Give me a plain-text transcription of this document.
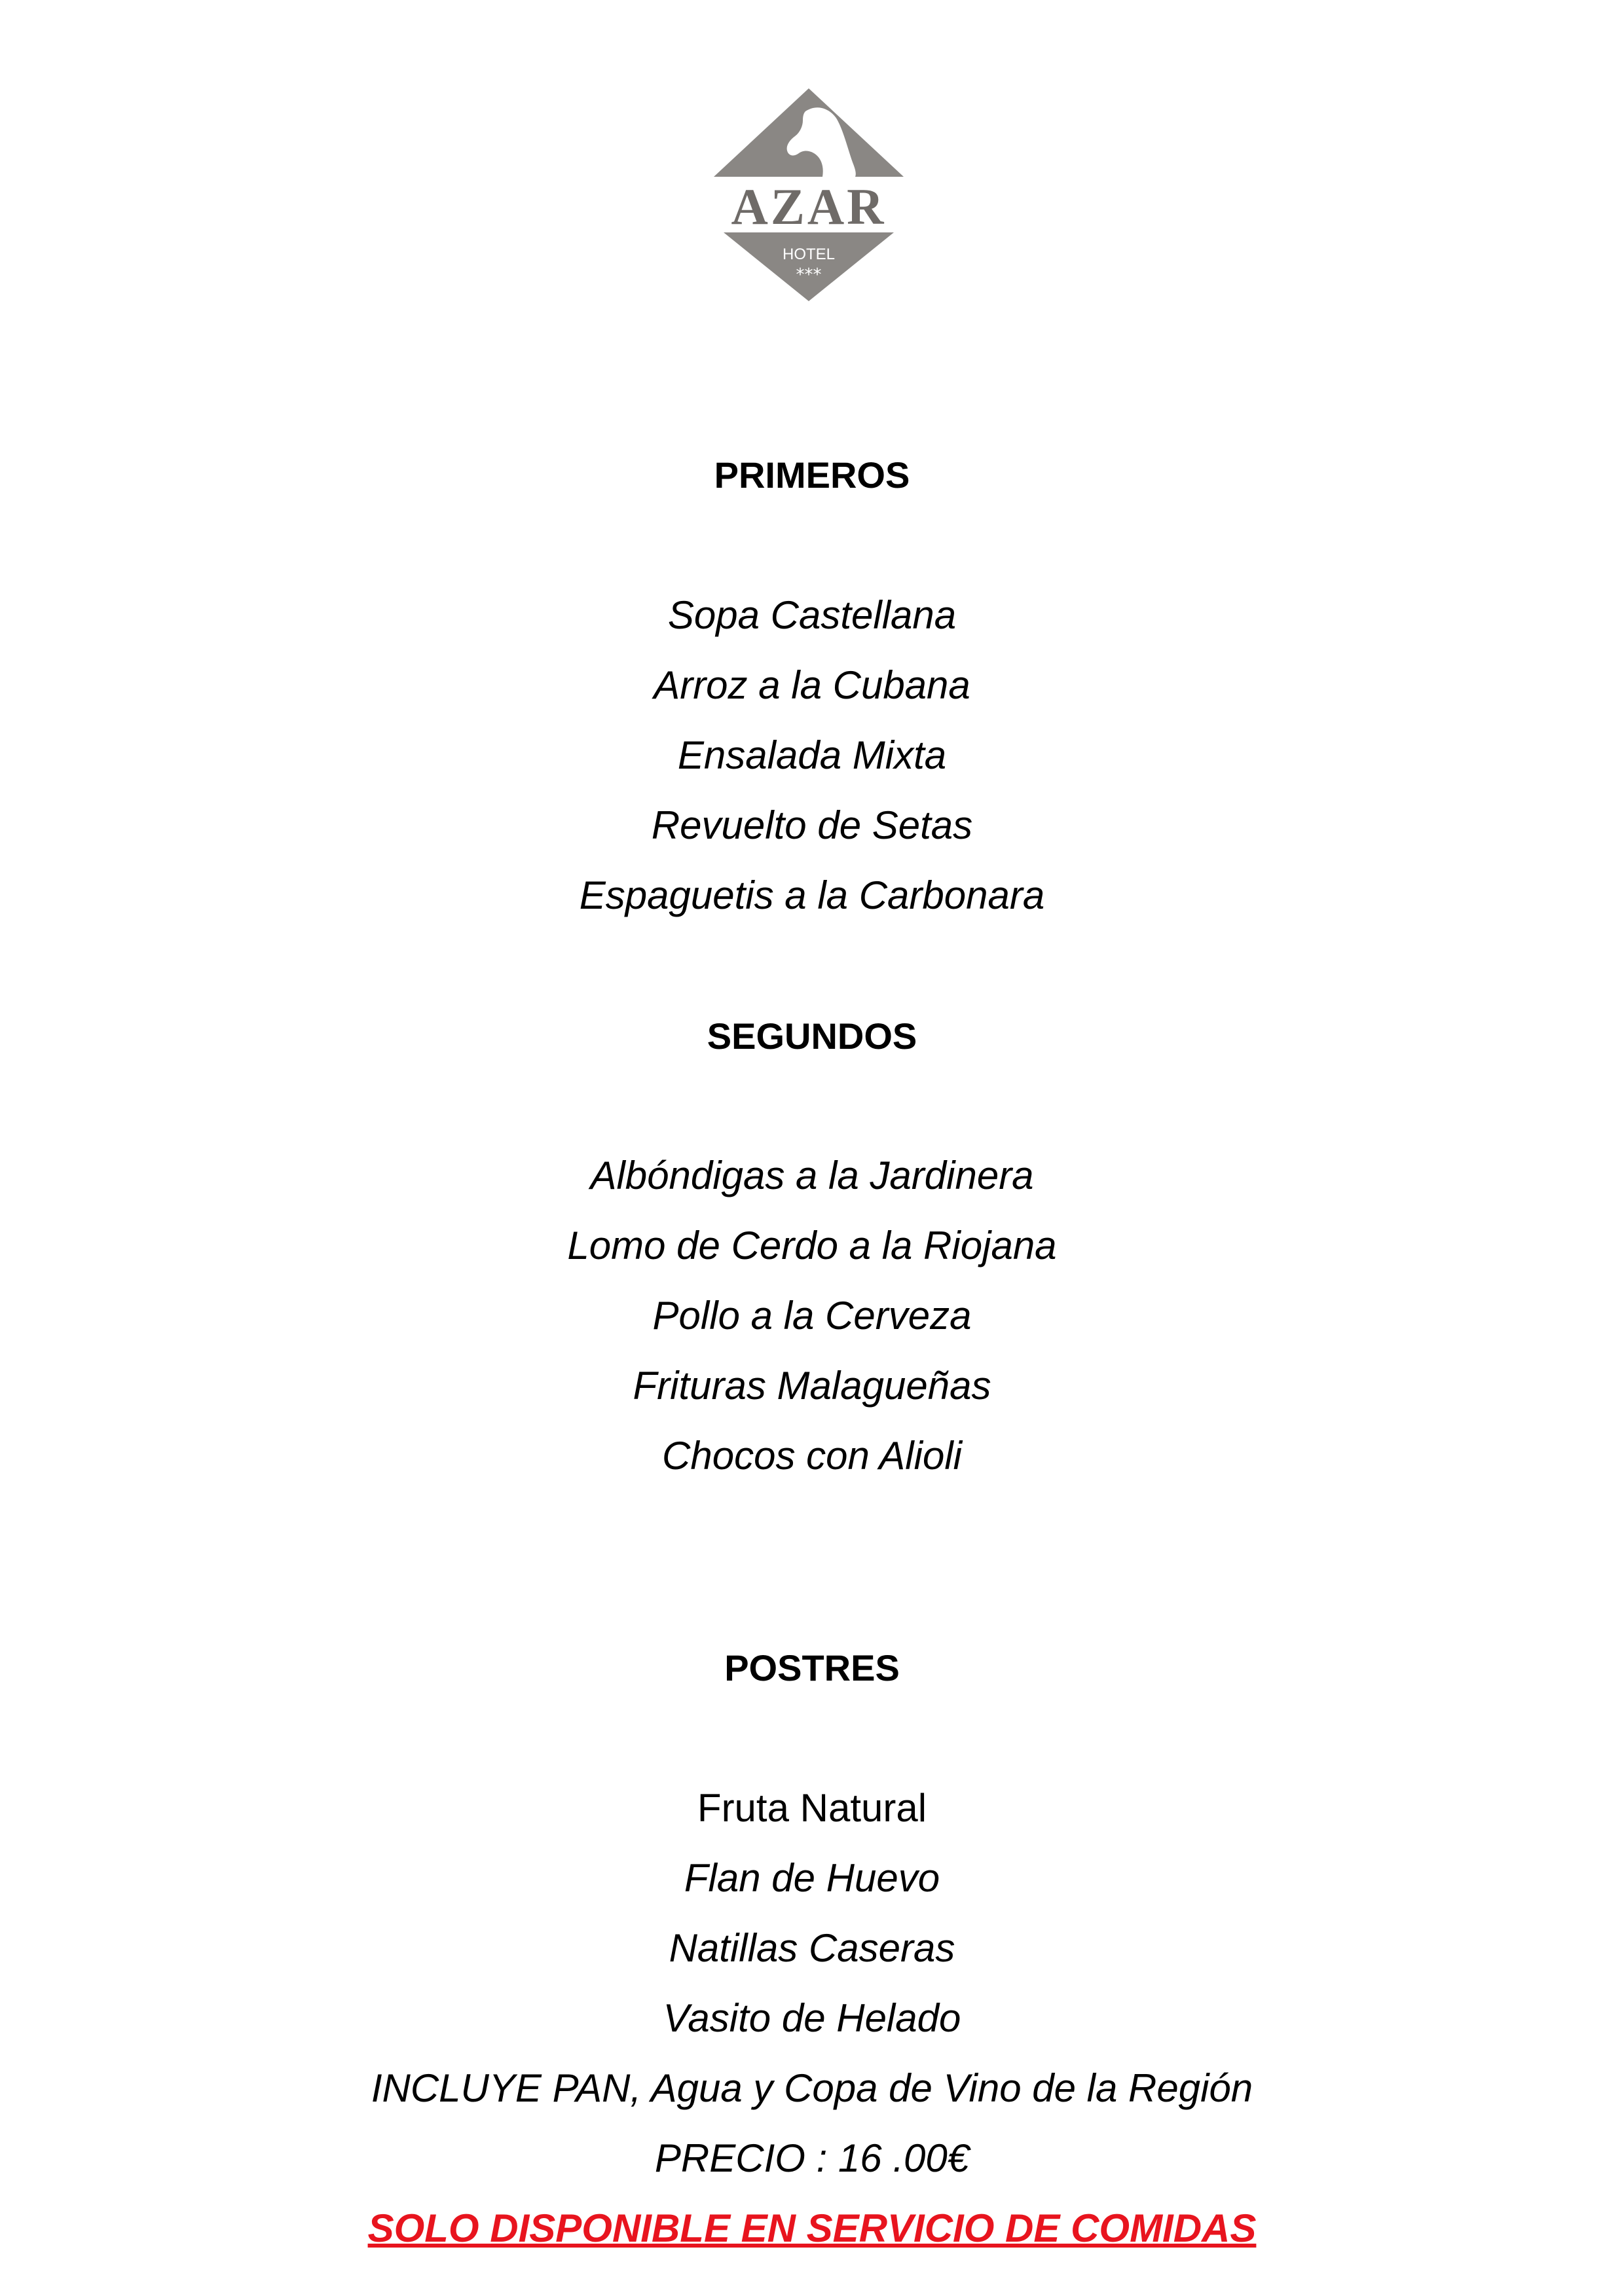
***
HOTEL
AZAR
PRIMEROS
Sopa Castellana
Arroz a la Cubana
Ensalada Mixta
Revuelto de Setas
Espaguetis a la Carbonara
SEGUNDOS
Albóndigas a la Jardinera
Lomo de Cerdo a la Riojana
Pollo a la Cerveza
Frituras Malagueñas
Chocos con Alioli
POSTRES
Fruta Natural
Flan de Huevo
Natillas Caseras
Vasito de Helado
INCLUYE PAN, Agua y Copa de Vino de la Región
PRECIO : 16 .00€
SOLO DISPONIBLE EN SERVICIO DE COMIDAS
